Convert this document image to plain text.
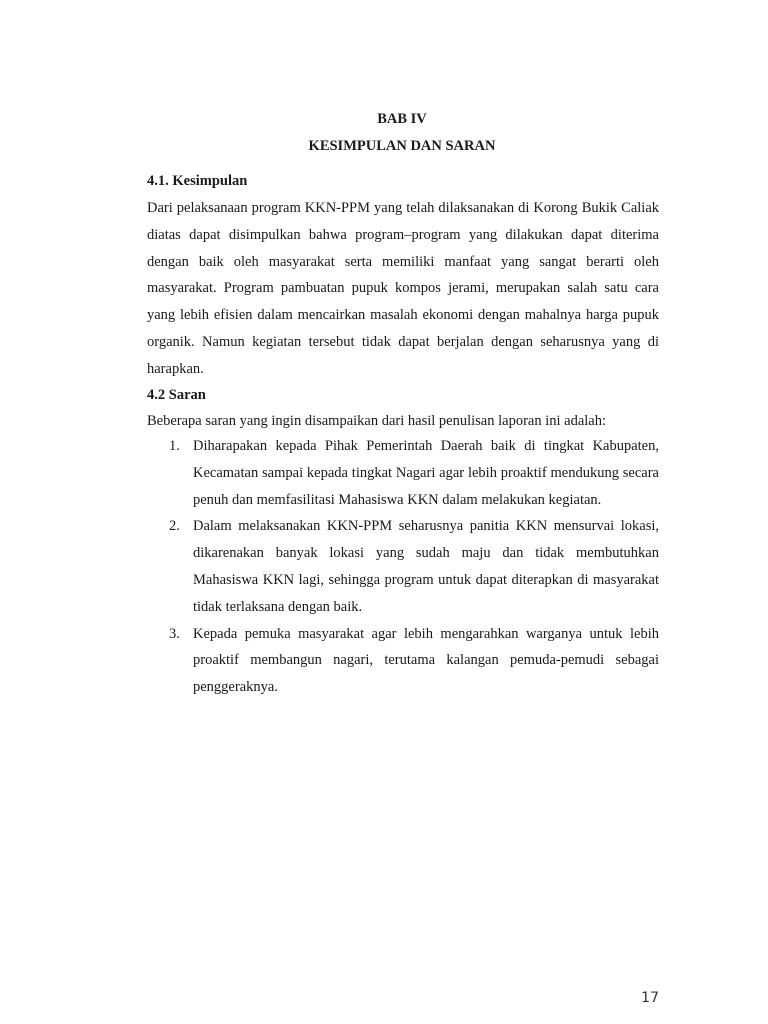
BAB IV
KESIMPULAN DAN SARAN
4.1. Kesimpulan

Dari pelaksanaan program KKN-PPM yang telah dilaksanakan di Korong Bukik Caliak diatas dapat disimpulkan bahwa program–program yang dilakukan dapat diterima dengan baik oleh masyarakat serta memiliki manfaat yang sangat berarti oleh masyarakat. Program pambuatan pupuk kompos jerami, merupakan salah satu cara yang lebih efisien dalam mencairkan masalah ekonomi dengan mahalnya harga pupuk organik. Namun kegiatan tersebut tidak dapat berjalan dengan seharusnya yang di harapkan.

4.2 Saran

Beberapa saran yang ingin disampaikan dari hasil penulisan laporan ini adalah:

1. Diharapakan kepada Pihak Pemerintah Daerah baik di tingkat Kabupaten, Kecamatan sampai kepada tingkat Nagari agar lebih proaktif mendukung secara penuh dan memfasilitasi Mahasiswa KKN dalam melakukan kegiatan.
2. Dalam melaksanakan KKN-PPM seharusnya panitia KKN mensurvai lokasi, dikarenakan banyak lokasi yang sudah maju dan tidak membutuhkan Mahasiswa KKN lagi, sehingga program untuk dapat diterapkan di masyarakat tidak terlaksana dengan baik.
3. Kepada pemuka masyarakat agar lebih mengarahkan warganya untuk lebih proaktif membangun nagari, terutama kalangan pemuda-pemudi sebagai penggeraknya.
17
